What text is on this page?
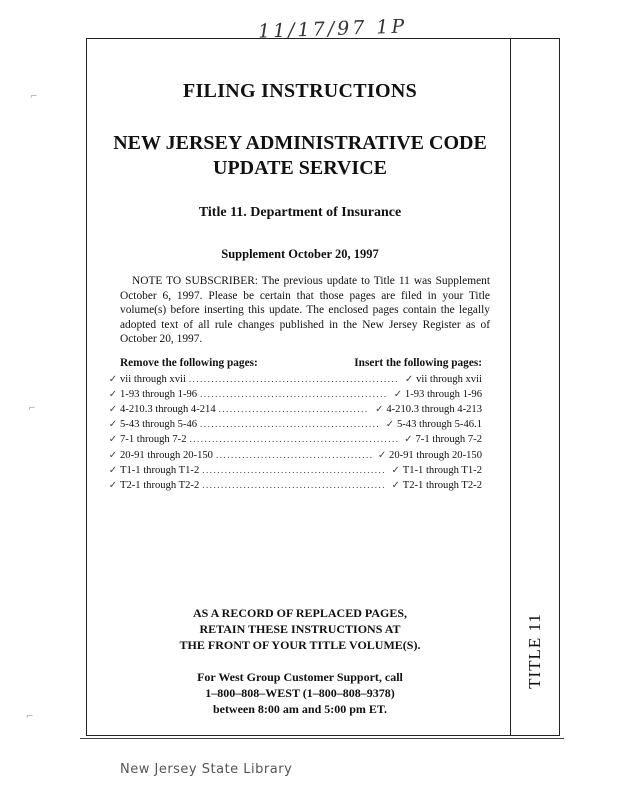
11/17/97 1P
TITLE 11
FILING INSTRUCTIONS
NEW JERSEY ADMINISTRATIVE CODE
UPDATE SERVICE
Title 11. Department of Insurance
Supplement October 20, 1997

NOTE TO SUBSCRIBER: The previous update to Title 11 was Supplement October 6, 1997. Please be certain that those pages are filed in your Title volume(s) before inserting this update. The enclosed pages contain the legally adopted text of all rule changes published in the New Jersey Register as of October 20, 1997.

Remove the following pages:	Insert the following pages:
✓ vii through xvii .....	✓ vii through xvii
✓ 1-93 through 1-96 .....	✓ 1-93 through 1-96
✓ 4-210.3 through 4-214 .....	✓ 4-210.3 through 4-213
✓ 5-43 through 5-46 .....	✓ 5-43 through 5-46.1
✓ 7-1 through 7-2 .....	✓ 7-1 through 7-2
✓ 20-91 through 20-150 .....	✓ 20-91 through 20-150
✓ T1-1 through T1-2 .....	✓ T1-1 through T1-2
✓ T2-1 through T2-2 .....	✓ T2-1 through T2-2
AS A RECORD OF REPLACED PAGES,
RETAIN THESE INSTRUCTIONS AT
THE FRONT OF YOUR TITLE VOLUME(S).
For West Group Customer Support, call
1–800–808–WEST (1–800–808–9378)
between 8:00 am and 5:00 pm ET.
New Jersey State Library
⌐
⌐
⌐
